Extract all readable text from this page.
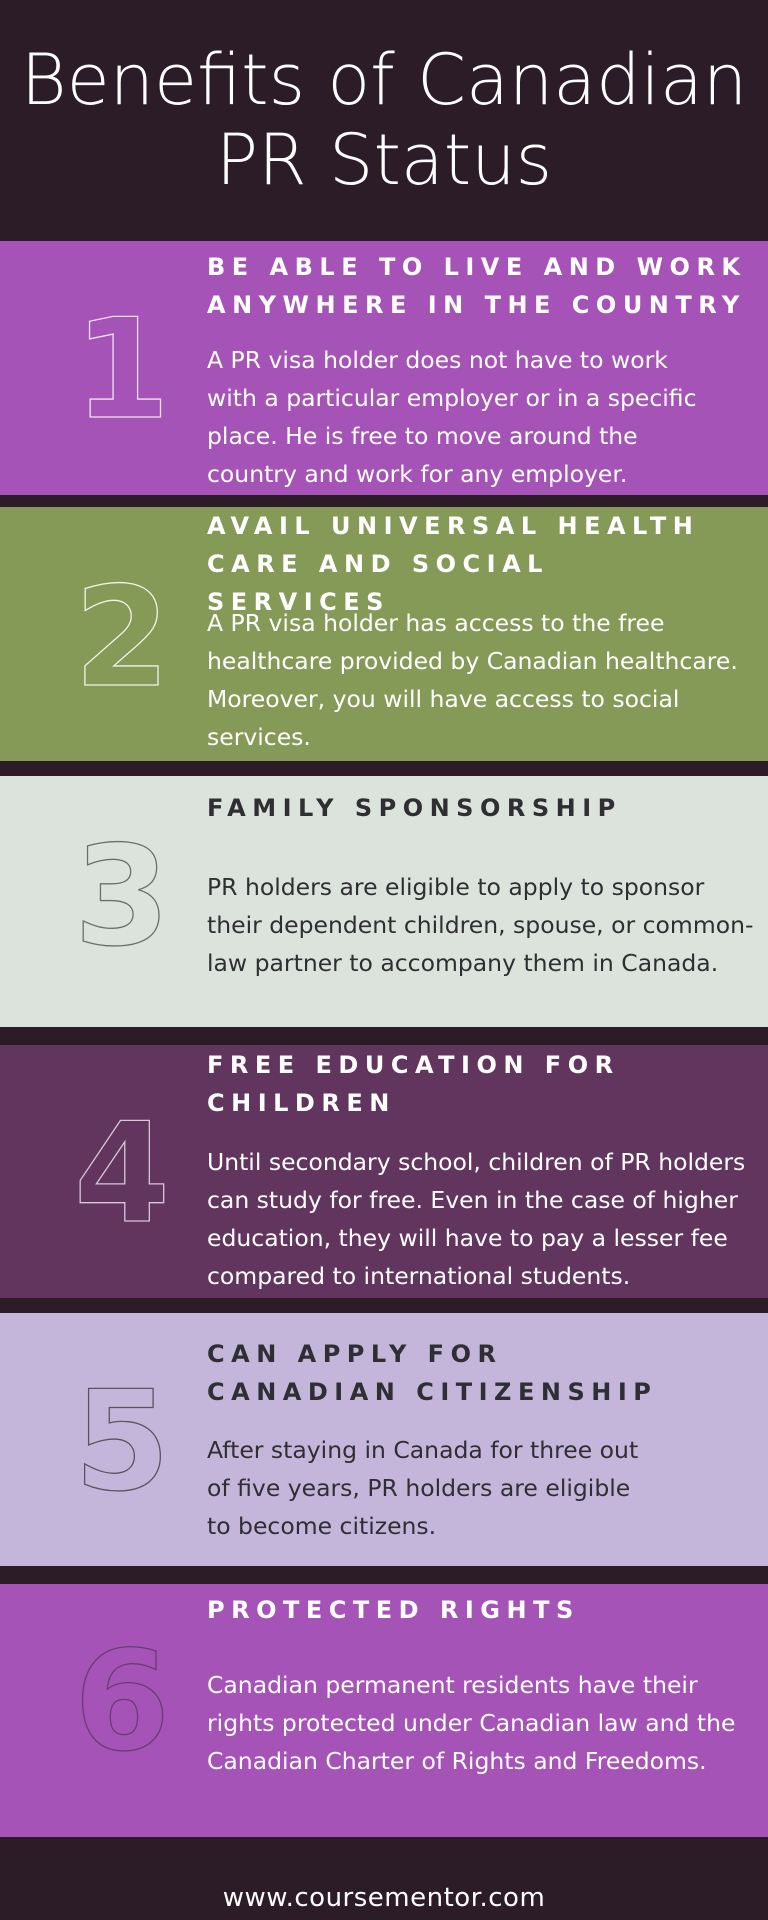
Benefits of Canadian
PR Status
1
BE ABLE TO LIVE AND WORK ANYWHERE IN THE COUNTRY
A PR visa holder does not have to work with a particular employer or in a specific place. He is free to move around the country and work for any employer.
2
AVAIL UNIVERSAL HEALTH CARE AND SOCIAL SERVICES
A PR visa holder has access to the free healthcare provided by Canadian healthcare. Moreover, you will have access to social services.
3
FAMILY SPONSORSHIP
PR holders are eligible to apply to sponsor their dependent children, spouse, or common-law partner to accompany them in Canada.
4
FREE EDUCATION FOR CHILDREN
Until secondary school, children of PR holders can study for free. Even in the case of higher education, they will have to pay a lesser fee compared to international students.
5
CAN APPLY FOR CANADIAN CITIZENSHIP
After staying in Canada for three out of five years, PR holders are eligible to become citizens.
6
PROTECTED RIGHTS
Canadian permanent residents have their rights protected under Canadian law and the Canadian Charter of Rights and Freedoms.
www.coursementor.com
